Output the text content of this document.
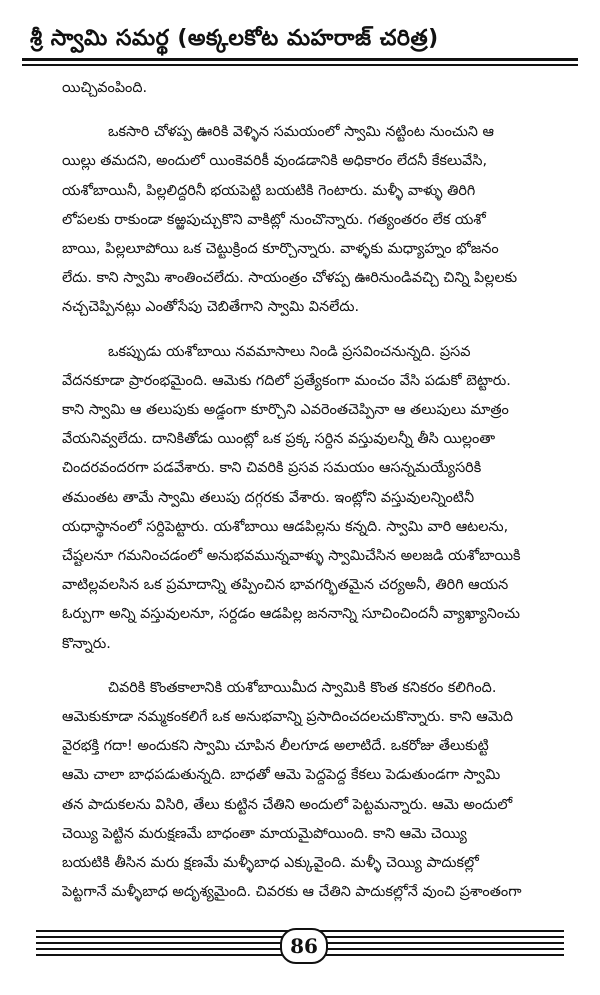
శ్రీ స్వామి సమర్థ (అక్కలకోట మహరాజ్ చరిత్ర)
యిచ్చివంపింది.
ఒకసారి చోళప్ప ఊరికి వెళ్ళిన సమయంలో స్వామి నట్టింట నుంచుని ఆ
యిల్లు తమదని, అందులో యింకెవరికీ వుండడానికి అధికారం లేదనీ కేకలువేసి,
యశోబాయినీ, పిల్లలిద్దరినీ భయపెట్టి బయటికి గెంటారు. మళ్ళీ వాళ్ళు తిరిగి
లోపలకు రాకుండా కఱ్ఱపుచ్చుకొని వాకిట్లో నుంచొన్నారు. గత్యంతరం లేక యశో
బాయి, పిల్లలూపోయి ఒక చెట్టుక్రింద కూర్చొన్నారు. వాళ్ళకు మధ్యాహ్నం భోజనం
లేదు. కాని స్వామి శాంతించలేదు. సాయంత్రం చోళప్ప ఊరినుండివచ్చి చిన్ని పిల్లలకు
నచ్చచెప్పినట్లు ఎంతోసేపు చెబితేగాని స్వామి వినలేదు.
ఒకప్పుడు యశోబాయి నవమాసాలు నిండి ప్రసవించనున్నది. ప్రసవ
వేదనకూడా ప్రారంభమైంది. ఆమెకు గదిలో ప్రత్యేకంగా మంచం వేసి పడుకో బెట్టారు.
కాని స్వామి ఆ తలుపుకు అడ్డంగా కూర్చొని ఎవరెంతచెప్పినా ఆ తలుపులు మాత్రం
వేయనివ్వలేదు. దానికితోడు యింట్లో ఒక ప్రక్క సర్దిన వస్తువులన్నీ తీసి యిల్లంతా
చిందరవందరగా పడవేశారు. కాని చివరికి ప్రసవ సమయం ఆసన్నమయ్యేసరికి
తమంతట తామే స్వామి తలుపు దగ్గరకు వేశారు. ఇంట్లోని వస్తువులన్నింటినీ
యధాస్థానంలో సర్దిపెట్టారు. యశోబాయి ఆడపిల్లను కన్నది. స్వామి వారి ఆటలను,
చేష్టలనూ గమనించడంలో అనుభవమున్నవాళ్ళు స్వామిచేసిన అలజడి యశోబాయికి
వాటిల్లవలసిన ఒక ప్రమాదాన్ని తప్పించిన భావగర్భితమైన చర్యఅనీ, తిరిగి ఆయన
ఓర్పుగా అన్ని వస్తువులనూ, సర్దడం ఆడపిల్ల జననాన్ని సూచించిందనీ వ్యాఖ్యానించు
కొన్నారు.
చివరికి కొంతకాలానికి యశోబాయిమీద స్వామికి కొంత కనికరం కలిగింది.
ఆమెకుకూడా నమ్మకంకలిగే ఒక అనుభవాన్ని ప్రసాదించదలచుకొన్నారు. కాని ఆమెది
వైరభక్తి గదా! అందుకని స్వామి చూపిన లీలగూడ అలాటిదే. ఒకరోజు తేలుకుట్టి
ఆమె చాలా బాధపడుతున్నది. బాధతో ఆమె పెద్దపెద్ద కేకలు పెడుతుండగా స్వామి
తన పాదుకలను విసిరి, తేలు కుట్టిన చేతిని అందులో పెట్టమన్నారు. ఆమె అందులో
చెయ్యి పెట్టిన మరుక్షణమే బాధంతా మాయమైపోయింది. కాని ఆమె చెయ్యి
బయటికి తీసిన మరు క్షణమే మళ్ళీబాధ ఎక్కువైంది. మళ్ళీ చెయ్యి పాదుకల్లో
పెట్టగానే మళ్ళీబాధ అదృశ్యమైంది. చివరకు ఆ చేతిని పాదుకల్లోనే వుంచి ప్రశాంతంగా
86
